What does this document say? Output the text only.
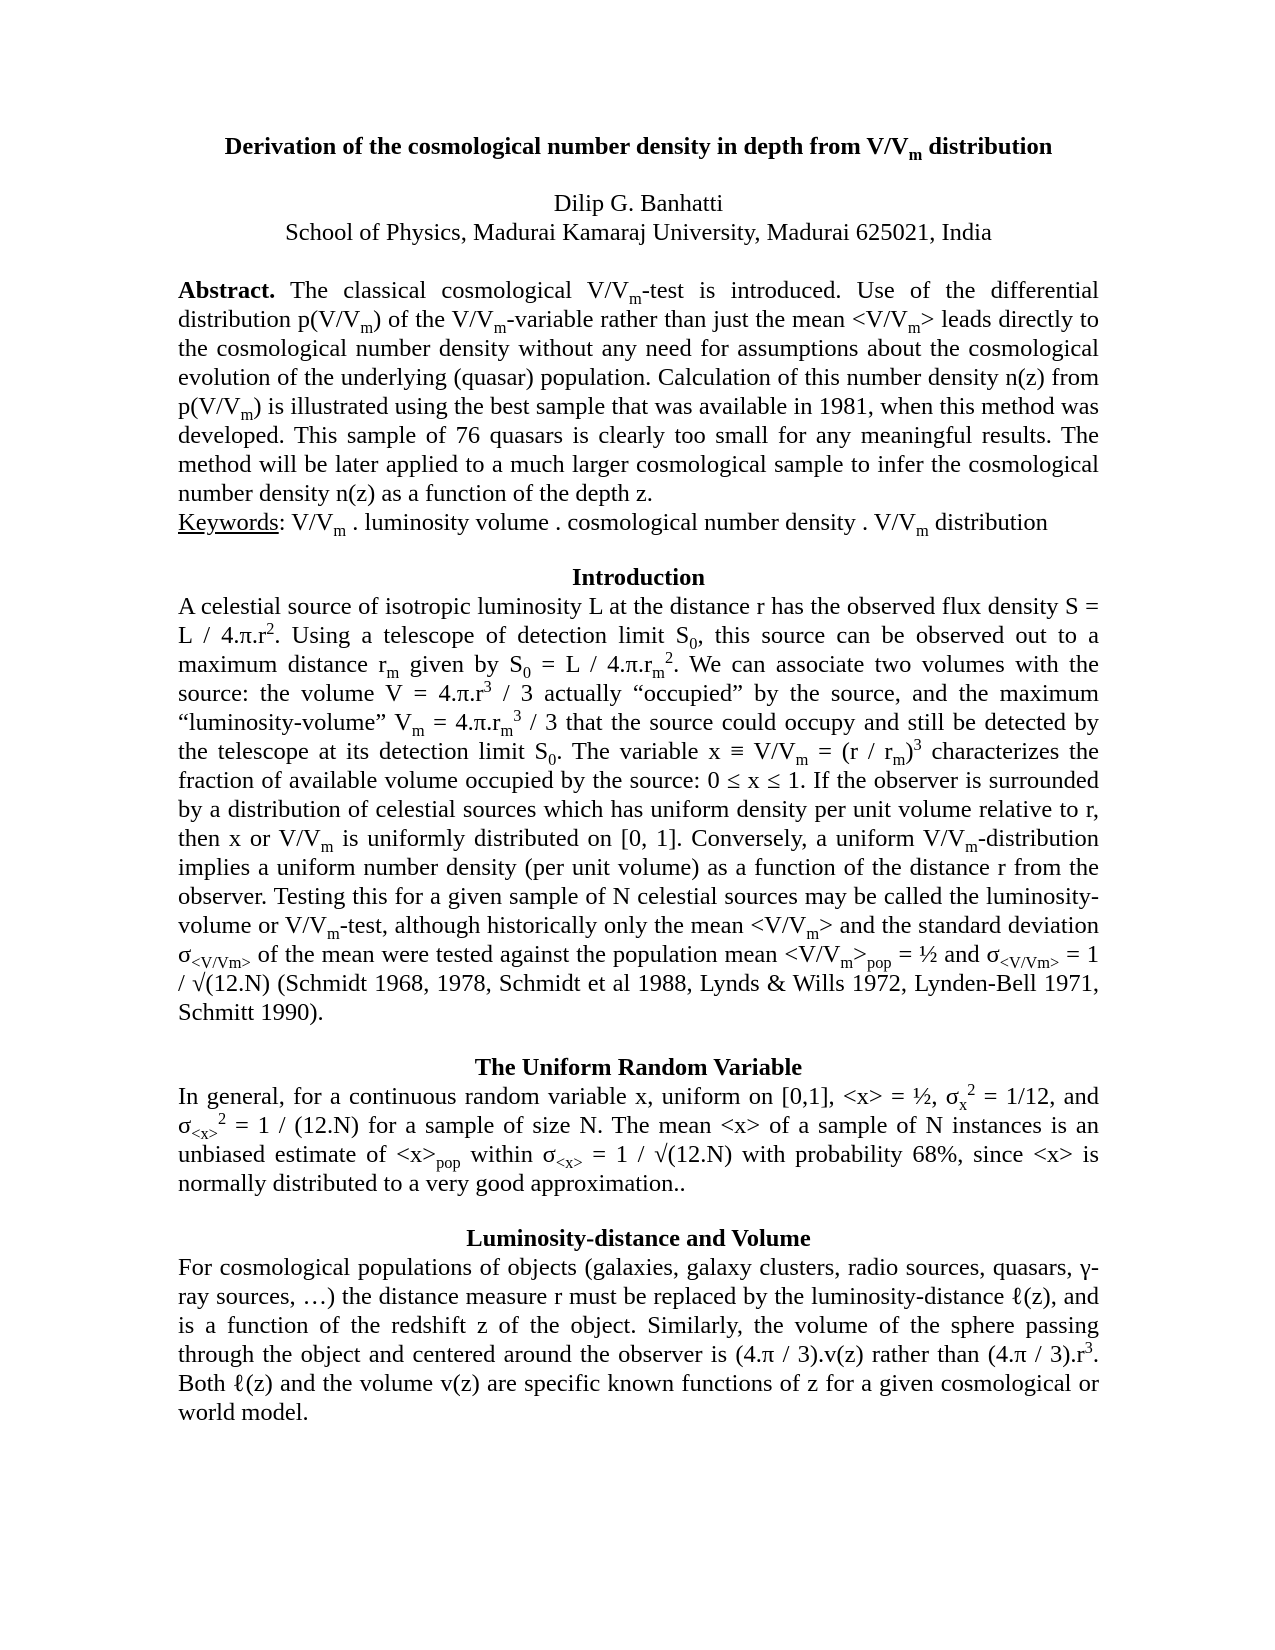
Derivation of the cosmological number density in depth from $V/V_m$ distribution
Dilip G. Banhatti
School of Physics, Madurai Kamaraj University, Madurai 625021, India

Abstract. The classical cosmological $V/V_m$-test is introduced. Use of the differential distribution $p(V/V_m)$ of the $V/V_m$-variable rather than just the mean $<V/V_m>$ leads directly to the cosmological number density without any need for assumptions about the cosmological evolution of the underlying (quasar) population. Calculation of this number density n(z) from $p(V/V_m)$ is illustrated using the best sample that was available in 1981, when this method was developed. This sample of 76 quasars is clearly too small for any meaningful results. The method will be later applied to a much larger cosmological sample to infer the cosmological number density n(z) as a function of the depth z.

Keywords: $V/V_m$ . luminosity volume . cosmological number density . $V/V_m$ distribution

Introduction

A celestial source of isotropic luminosity L at the distance r has the observed flux density $S = L / 4.\pi.r^2$. Using a telescope of detection limit $S_0$, this source can be observed out to a maximum distance $r_m$ given by $S_0 = L / 4.\pi.r_m^2$. We can associate two volumes with the source: the volume $V = 4.\pi.r^3 / 3$ actually “occupied” by the source, and the maximum “luminosity-volume” $V_m = 4.\pi.r_m^3 / 3$ that the source could occupy and still be detected by the telescope at its detection limit $S_0$. The variable $x \equiv V/V_m = (r / r_m)^3$ characterizes the fraction of available volume occupied by the source: 0 ≤ x ≤ 1. If the observer is surrounded by a distribution of celestial sources which has uniform density per unit volume relative to r, then x or $V/V_m$ is uniformly distributed on [0, 1]. Conversely, a uniform $V/V_m$-distribution implies a uniform number density (per unit volume) as a function of the distance r from the observer. Testing this for a given sample of N celestial sources may be called the luminosity-volume or $V/V_m$-test, although historically only the mean $<V/V_m>$ and the standard deviation $\sigma_{<V/Vm>}$ of the mean were tested against the population mean $<V/V_m>_{pop}$ = ½ and $\sigma_{<V/Vm>} = 1 / √(12.N)$ (Schmidt 1968, 1978, Schmidt et al 1988, Lynds & Wills 1972, Lynden-Bell 1971, Schmitt 1990).

The Uniform Random Variable

In general, for a continuous random variable x, uniform on [0,1], <x> = ½, $\sigma_x^2 = 1/12$, and $\sigma_{<x>}^2 = 1 / (12.N)$ for a sample of size N. The mean <x> of a sample of N instances is an unbiased estimate of $<x>_{pop}$ within $\sigma_{<x>} = 1 / √(12.N)$ with probability 68%, since <x> is normally distributed to a very good approximation..

Luminosity-distance and Volume

For cosmological populations of objects (galaxies, galaxy clusters, radio sources, quasars, γ-ray sources, …) the distance measure r must be replaced by the luminosity-distance ℓ(z), and is a function of the redshift z of the object. Similarly, the volume of the sphere passing through the object and centered around the observer is (4.π / 3).v(z) rather than $(4.\pi / 3).r^3$. Both ℓ(z) and the volume v(z) are specific known functions of z for a given cosmological or world model.
